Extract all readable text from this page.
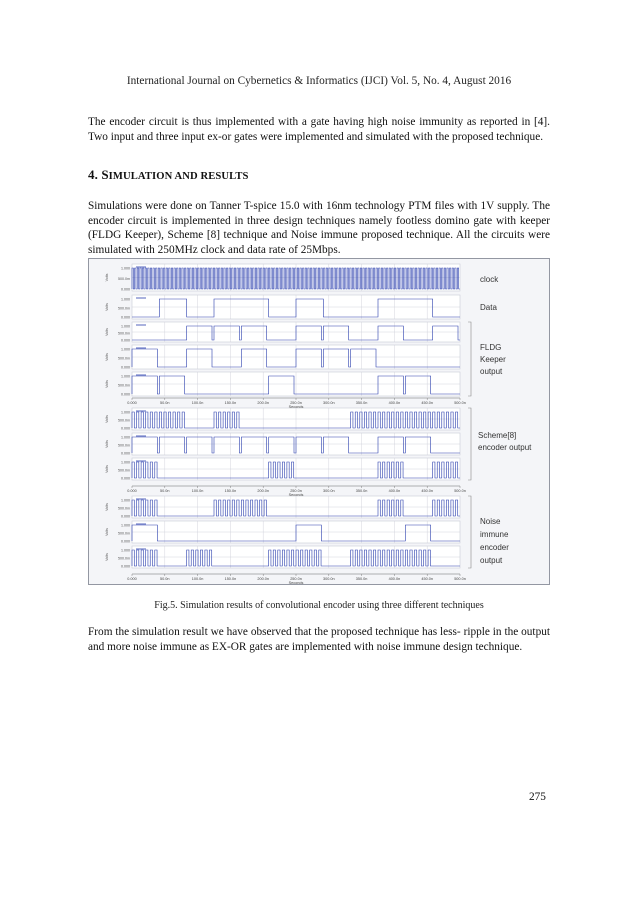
International Journal on Cybernetics & Informatics (IJCI) Vol. 5, No. 4, August 2016
The encoder circuit is thus implemented with a gate having high noise immunity as reported in [4]. Two input and three input ex-or gates were implemented and simulated with the proposed technique.
4. SIMULATION AND RESULTS
Simulations were done on Tanner T-spice 15.0 with 16nm technology PTM files with 1V supply. The encoder circuit is implemented in three design techniques namely footless domino gate with keeper (FLDG Keeper), Scheme [8] technique and Noise immune proposed technique. All the circuits were simulated with 250MHz clock and data rate of 25Mbps.
1.000
500.0m
0.000
Volts
1.000
500.0m
0.000
Volts
1.000
500.0m
0.000
Volts
1.000
500.0m
0.000
Volts
1.000
500.0m
0.000
Volts
1.000
500.0m
0.000
Volts
1.000
500.0m
0.000
Volts
1.000
500.0m
0.000
Volts
1.000
500.0m
0.000
Volts
1.000
500.0m
0.000
Volts
1.000
500.0m
0.000
Volts
0.000	50.0n	100.0n	150.0n	200.0n	250.0n	300.0n	350.0n	400.0n	450.0n	500.0n
Seconds
0.000	50.0n	100.0n	150.0n	200.0n	250.0n	300.0n	350.0n	400.0n	450.0n	500.0n
Seconds
0.000	50.0n	100.0n	150.0n	200.0n	250.0n	300.0n	350.0n	400.0n	450.0n	500.0n
Seconds
clock
Data
FLDG
Keeper
output
Scheme[8]
encoder output
Noise
immune
encoder
output
Fig.5. Simulation results of convolutional encoder using three different techniques
From the simulation result we have observed that the proposed technique has less- ripple in the output and more noise immune as EX-OR gates are implemented with noise immune design technique.
275
